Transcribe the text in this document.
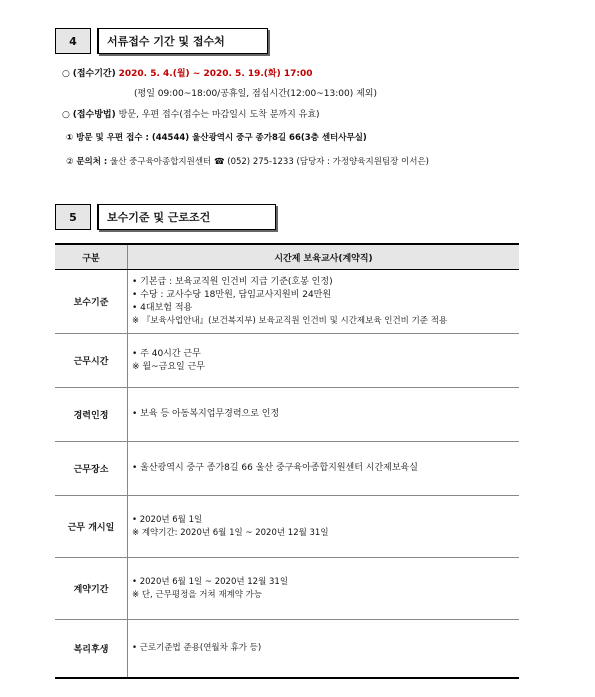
4	서류접수 기간 및 접수처
○ (접수기간) 2020. 5. 4.(월) ~ 2020. 5. 19.(화) 17:00
(평일 09:00~18:00/공휴일, 점심시간(12:00~13:00) 제외)
○ (접수방법) 방문, 우편 접수(접수는 마감일시 도착 분까지 유효)
① 방문 및 우편 접수 : (44544) 울산광역시 중구 종가8길 66(3층 센터사무실)
② 문의처 : 울산 중구육아종합지원센터 ☎ (052) 275-1233 (담당자 : 가정양육지원팀장 이서은)
5	보수기준 및 근로조건
구분	시간제 보육교사(계약직)
보수기준	• 기본급 : 보육교직원 인건비 지급 기준(호봉 인정)
• 수당 : 교사수당 18만원, 담임교사지원비 24만원
• 4대보험 적용
※ 『보육사업안내』(보건복지부) 보육교직원 인건비 및 시간제보육 인건비 기준 적용

근무시간	• 주 40시간 근무
※ 월~금요일 근무

경력인정	• 보육 등 아동복지업무경력으로 인정

근무장소	• 울산광역시 중구 종가8길 66 울산 중구육아종합지원센터 시간제보육실

근무 개시일	• 2020년 6월 1일
※ 계약기간: 2020년 6월 1일 ~ 2020년 12월 31일

계약기간	• 2020년 6월 1일 ~ 2020년 12월 31일
※ 단, 근무평정을 거쳐 재계약 가능

복리후생	• 근로기준법 준용(연월차 휴가 등)
